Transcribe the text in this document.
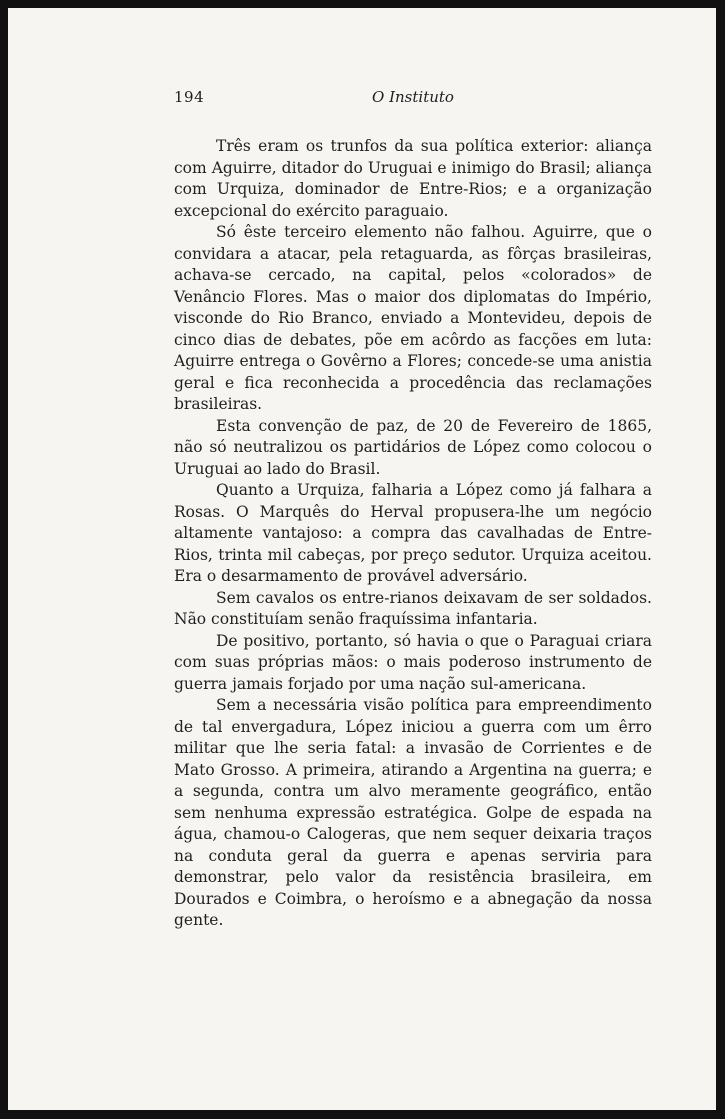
194	O Instituto

Três eram os trunfos da sua política exterior: aliança com Aguirre, ditador do Uruguai e inimigo do Brasil; aliança com Urquiza, dominador de Entre-Rios; e a organização excepcional do exército paraguaio.

Só êste terceiro elemento não falhou. Aguirre, que o convidara a atacar, pela retaguarda, as fôrças brasileiras, achava-se cercado, na capital, pelos «colorados» de Venâncio Flores. Mas o maior dos diplomatas do Império, visconde do Rio Branco, enviado a Montevideu, depois de cinco dias de debates, põe em acôrdo as facções em luta: Aguirre entrega o Govêrno a Flores; concede-se uma anistia geral e fica reconhecida a procedência das reclamações brasileiras.

Esta convenção de paz, de 20 de Fevereiro de 1865, não só neutralizou os partidários de López como colocou o Uruguai ao lado do Brasil.

Quanto a Urquiza, falharia a López como já falhara a Rosas. O Marquês do Herval propusera-lhe um negócio altamente vantajoso: a compra das cavalhadas de Entre-Rios, trinta mil cabeças, por preço sedutor. Urquiza aceitou. Era o desarmamento de provável adversário.

Sem cavalos os entre-rianos deixavam de ser soldados. Não constituíam senão fraquíssima infantaria.

De positivo, portanto, só havia o que o Paraguai criara com suas próprias mãos: o mais poderoso instrumento de guerra jamais forjado por uma nação sul-americana.

Sem a necessária visão política para empreendimento de tal envergadura, López iniciou a guerra com um êrro militar que lhe seria fatal: a invasão de Corrientes e de Mato Grosso. A primeira, atirando a Argentina na guerra; e a segunda, contra um alvo meramente geográfico, então sem nenhuma expressão estratégica. Golpe de espada na água, chamou-o Calogeras, que nem sequer deixaria traços na conduta geral da guerra e apenas serviria para demonstrar, pelo valor da resistência brasileira, em Dourados e Coimbra, o heroísmo e a abnegação da nossa gente.
